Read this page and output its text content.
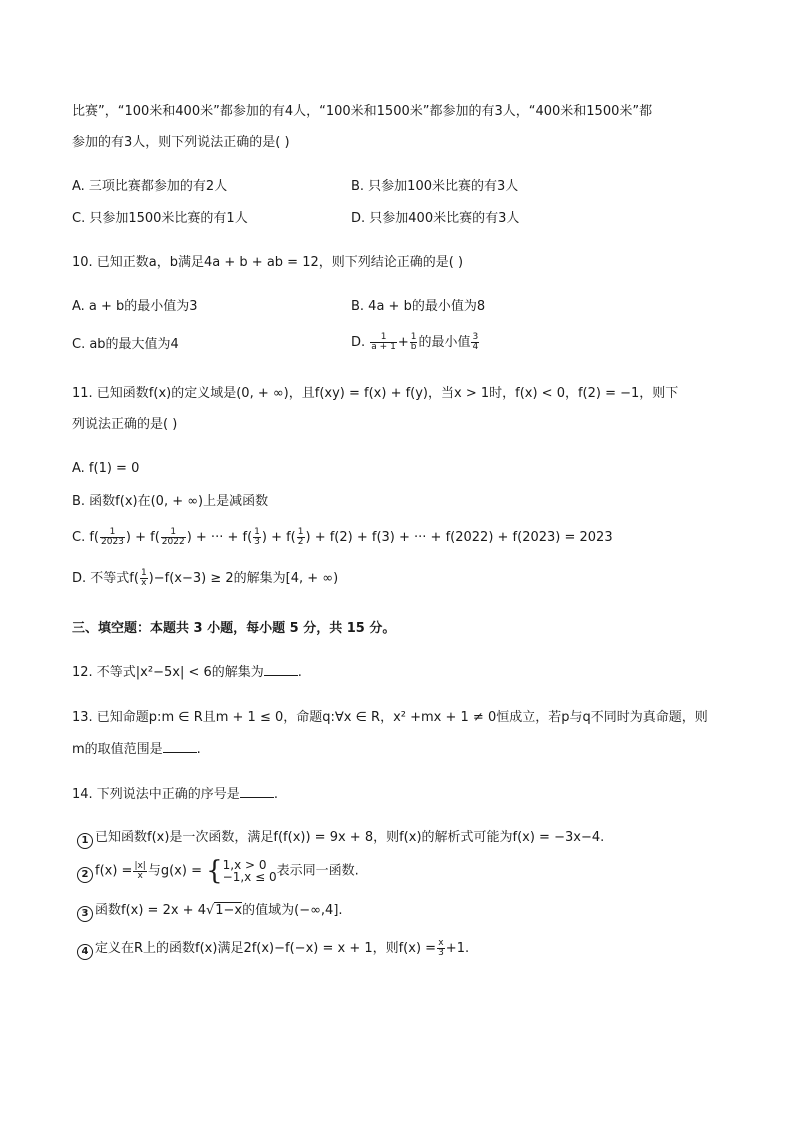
比赛”，“100米和400米”都参加的有4人，“100米和1500米”都参加的有3人，“400米和1500米”都
参加的有3人，则下列说法正确的是( )
A. 三项比赛都参加的有2人	B. 只参加100米比赛的有3人
C. 只参加1500米比赛的有1人	D. 只参加400米比赛的有3人
10. 已知正数a，b满足4a + b + ab = 12，则下列结论正确的是( )
A. a + b的最小值为3	B. 4a + b的最小值为8
C. ab的最大值为4	D. $\frac{1}{a + 1} + \frac{1}{b}$ 的最小值 $\frac{3}{4}$
11. 已知函数f(x)的定义域是(0, + ∞)，且f(xy) = f(x) + f(y)，当x > 1时，f(x) < 0，f(2) = −1，则下
列说法正确的是( )
A. f(1) = 0
B. 函数f(x)在(0, + ∞)上是减函数
C. $f( \frac{1}{2023}$ ) + $f( \frac{1}{2022}$ ) + ··· + $f( \frac{1}{3}$ ) + $f( \frac{1}{2}$ ) + f(2) + f(3) + ··· + f(2022) + f(2023) = 2023
D. 不等式$f( \frac{1}{x} )-f(x-3) \ge 2$的解集为[4, + ∞)
三、填空题：本题共 3 小题，每小题 5 分，共 15 分。
12. 不等式|x²−5x| < 6的解集为	.
13. 已知命题p:m ∈ R且m + 1 ≤ 0，命题q:∀x ∈ R，x² +mx + 1 ≠ 0恒成立，若p与q不同时为真命题，则
m的取值范围是	.
14. 下列说法中正确的序号是	.
1 已知函数f(x)是一次函数，满足f(f(x)) = 9x + 8，则f(x)的解析式可能为f(x) = −3x−4.
2 $f(x) = \frac{|x|}{x}$ 与g(x) = { 1,x > 0
−1,x ≤ 0 表示同一函数.
3 函数f(x) = 2x + 4√1−x的值域为(−∞,4].
4 定义在R上的函数f(x)满足2f(x)−f(−x) = x + 1，则$f(x) = \frac{x}{3} +1$.
